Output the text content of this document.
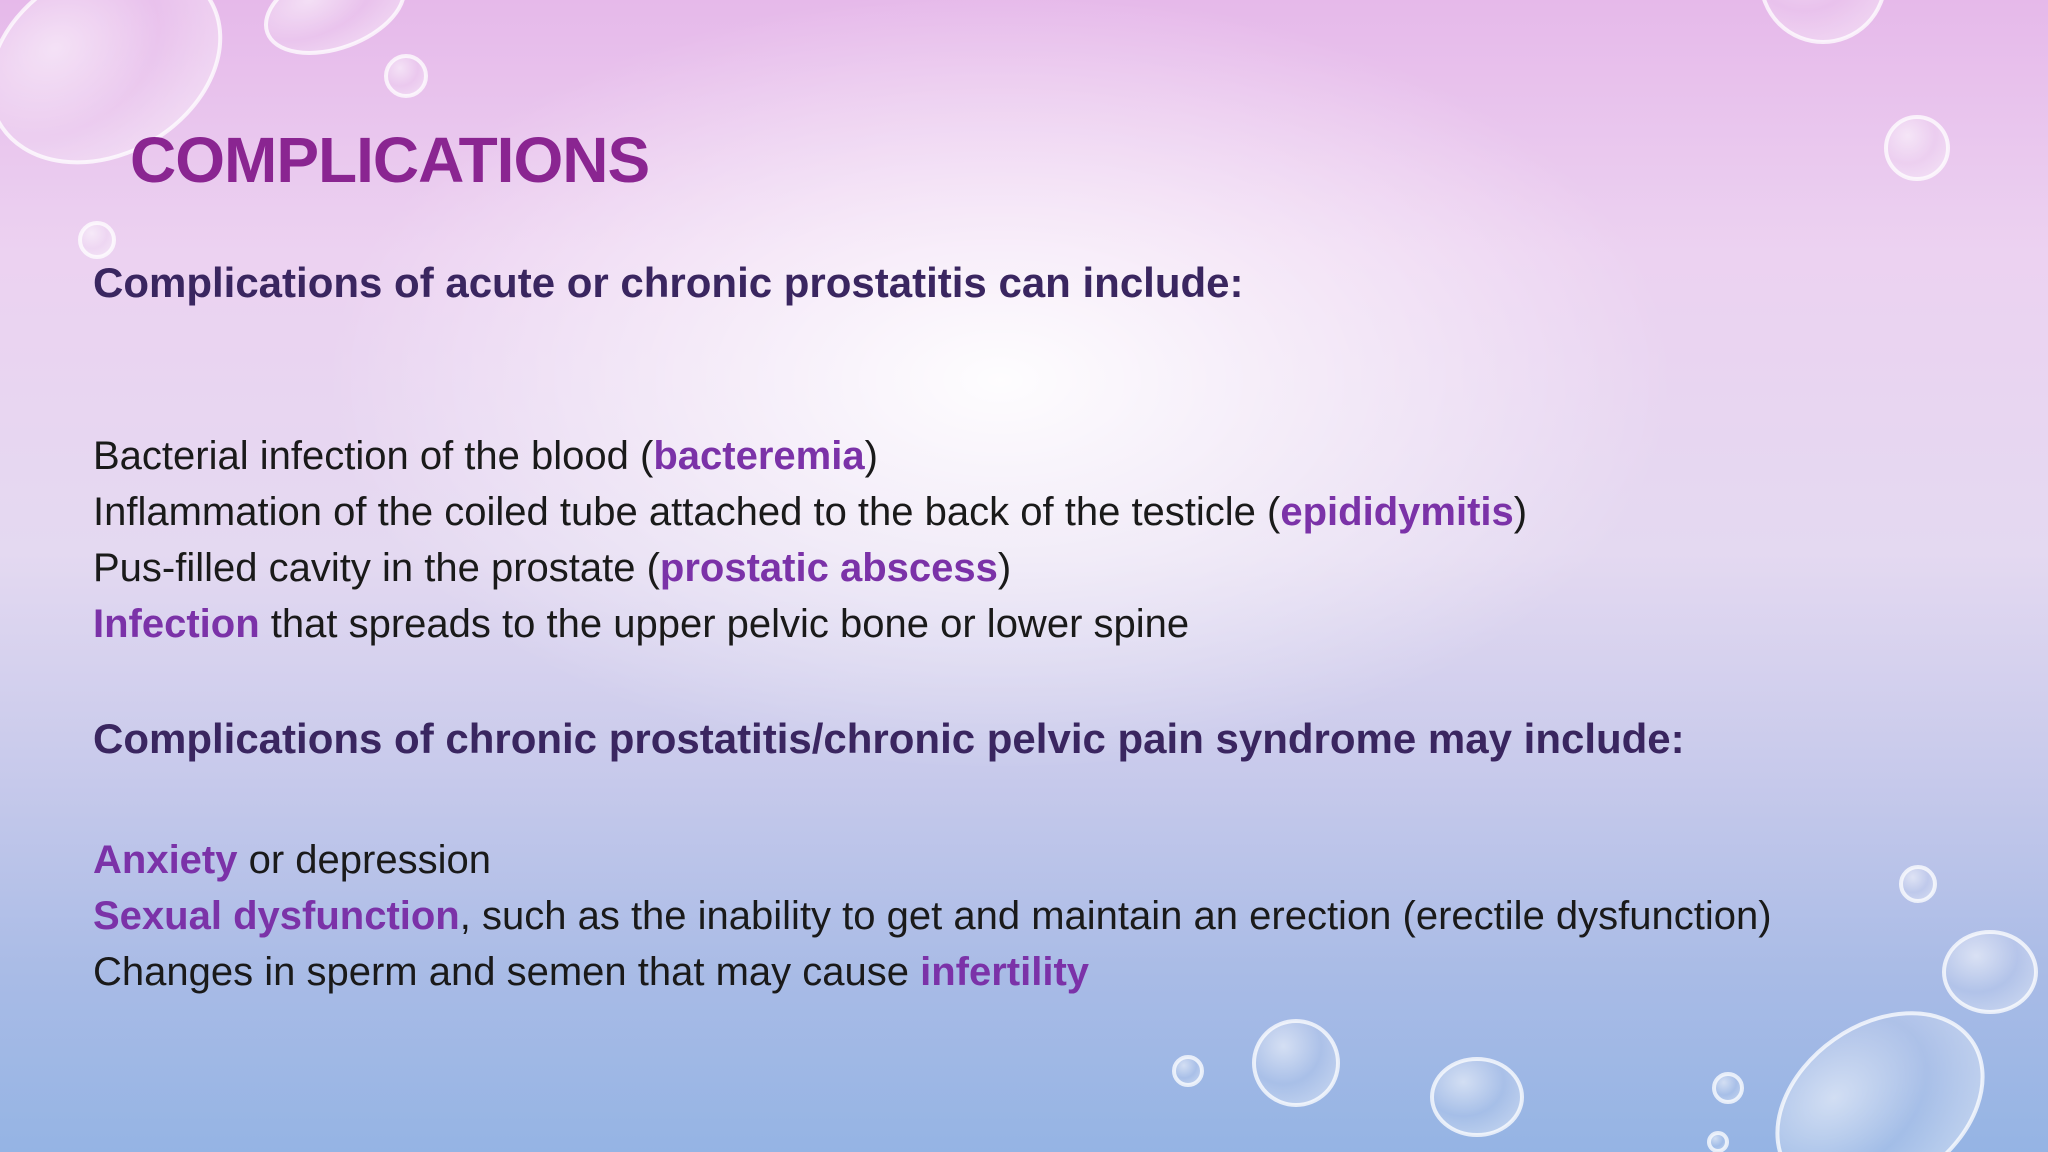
COMPLICATIONS

Complications of acute or chronic prostatitis can include:

Bacterial infection of the blood (bacteremia)

Inflammation of the coiled tube attached to the back of the testicle (epididymitis)

Pus-filled cavity in the prostate (prostatic abscess)

Infection that spreads to the upper pelvic bone or lower spine

Complications of chronic prostatitis/chronic pelvic pain syndrome may include:

Anxiety or depression

Sexual dysfunction, such as the inability to get and maintain an erection (erectile dysfunction)

Changes in sperm and semen that may cause infertility
